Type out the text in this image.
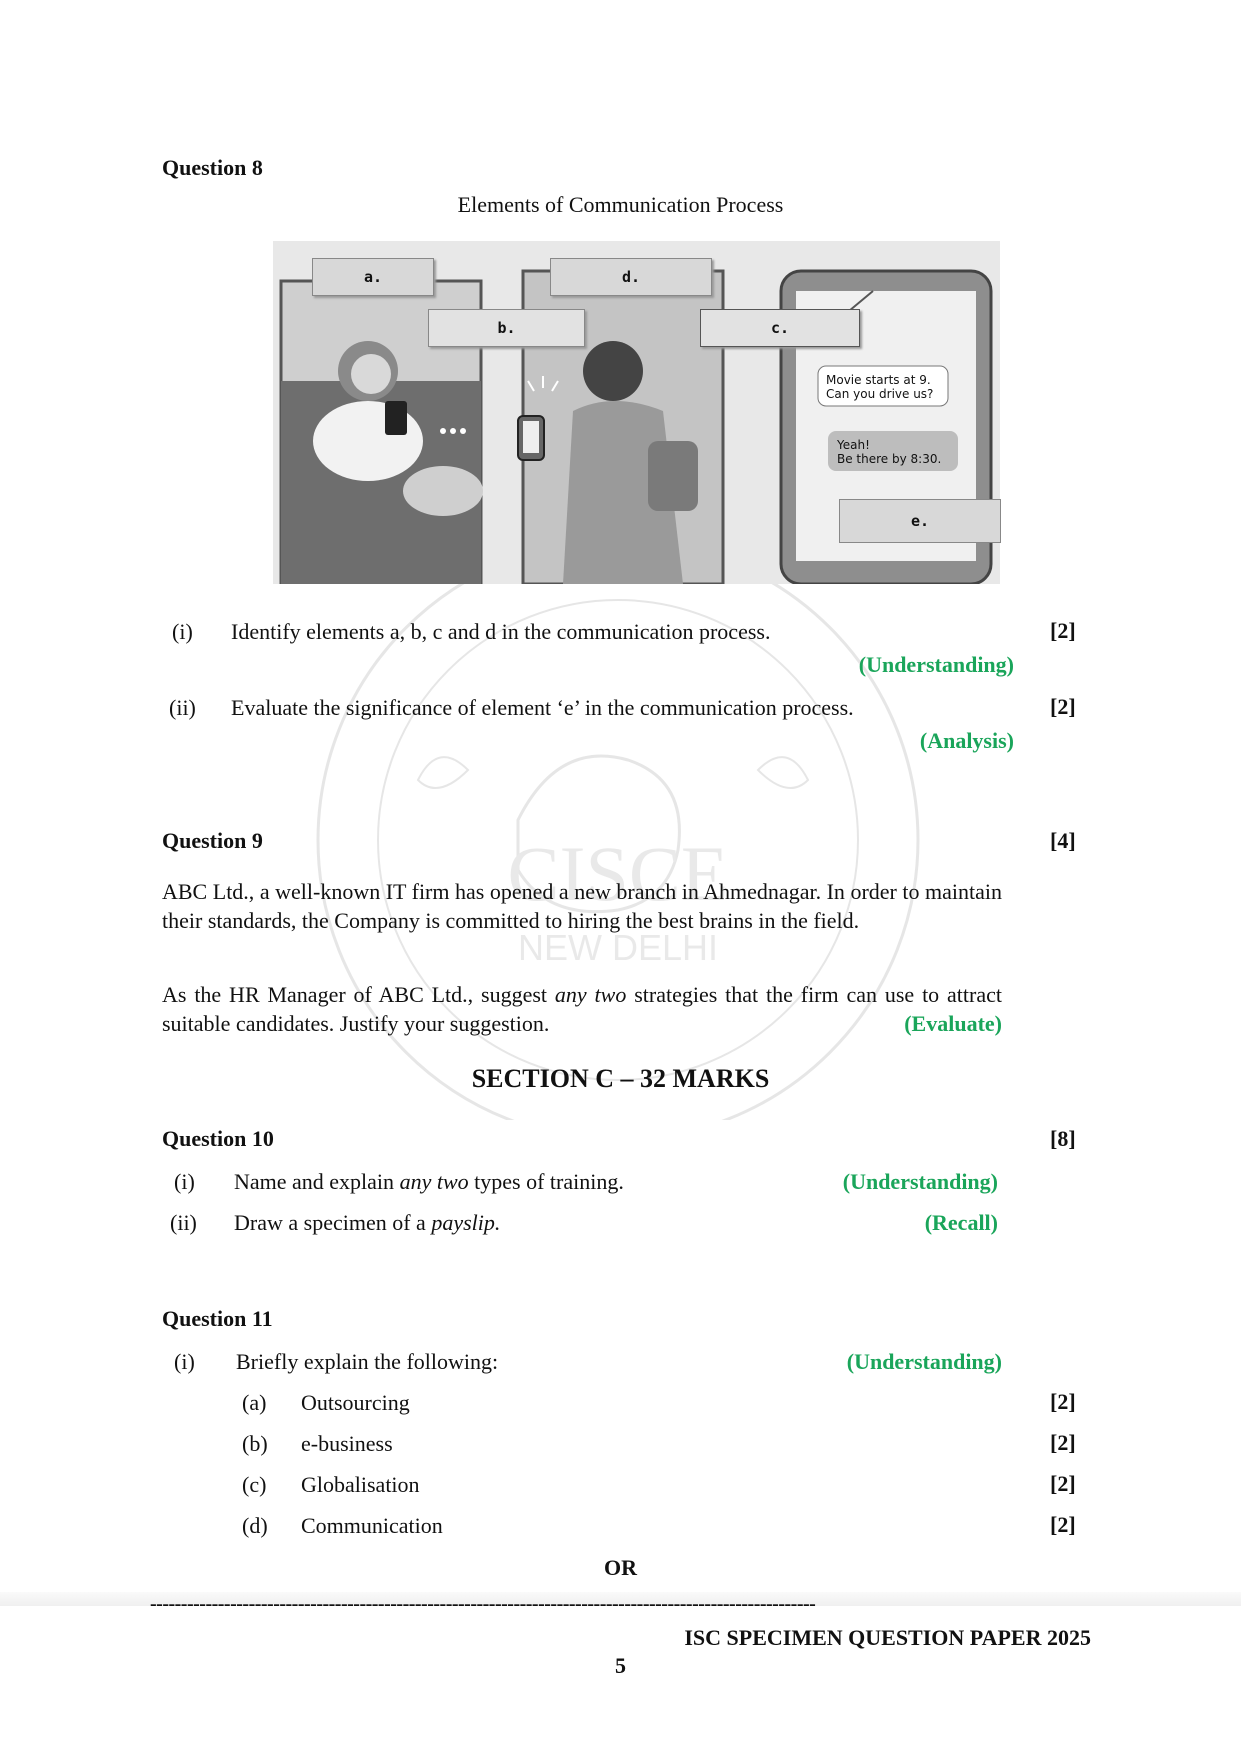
CISCE
NEW DELHI
Question 8
Elements of Communication Process
a.	d.
b.	c.
e.
Movie starts at 9.
Can you drive us?
Yeah!
Be there by 8:30.
(i) Identify elements a, b, c and d in the communication process.	[2]
(Understanding)
(ii) Evaluate the significance of element ‘e’ in the communication process.	[2]
(Analysis)
Question 9	[4]
ABC Ltd., a well-known IT firm has opened a new branch in Ahmednagar. In order to maintain their standards, the Company is committed to hiring the best brains in the field.
As the HR Manager of ABC Ltd., suggest any two strategies that the firm can use to attract suitable candidates. Justify your suggestion.	(Evaluate)
SECTION C – 32 MARKS
Question 10	[8]
(i) Name and explain any two types of training.	(Understanding)
(ii) Draw a specimen of a payslip.	(Recall)
Question 11
(i) Briefly explain the following:	(Understanding)
(a) Outsourcing	[2]
(b) e-business	[2]
(c) Globalisation	[2]
(d) Communication	[2]
OR
------------------------------------------------------------------------------------------------------------
ISC SPECIMEN QUESTION PAPER 2025
5
